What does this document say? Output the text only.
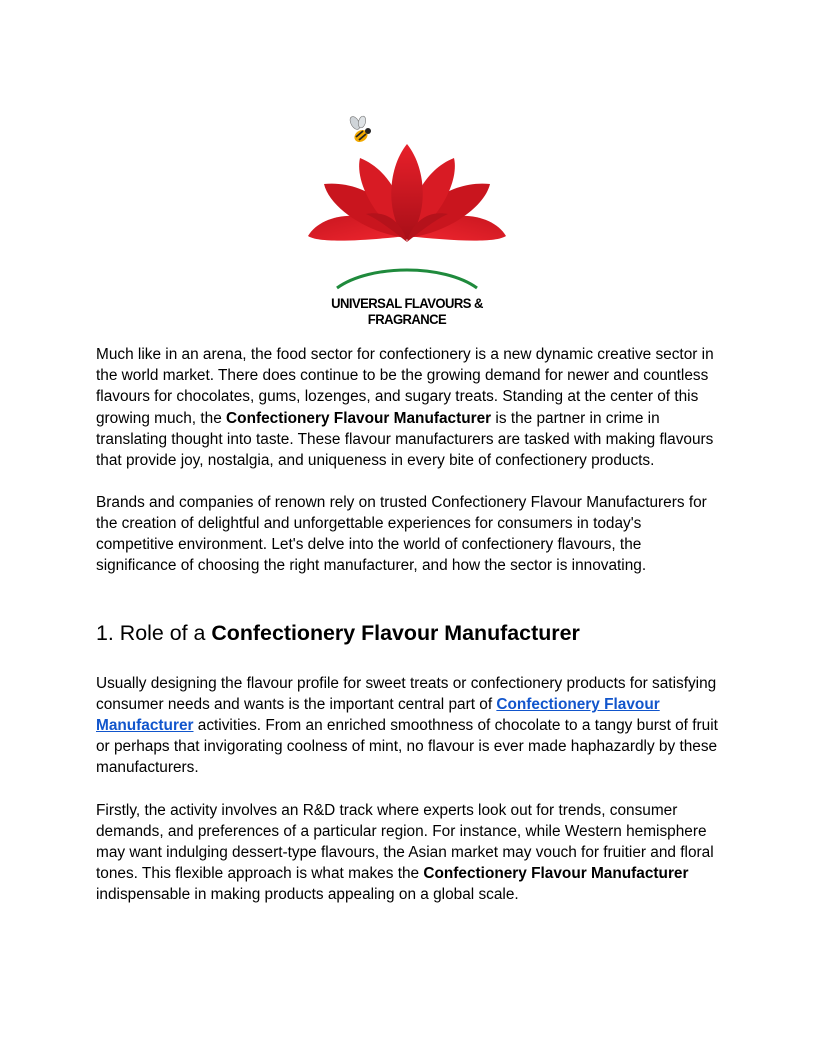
UNIVERSAL FLAVOURS & FRAGRANCE

Much like in an arena, the food sector for confectionery is a new dynamic creative sector in the world market. There does continue to be the growing demand for newer and countless flavours for chocolates, gums, lozenges, and sugary treats. Standing at the center of this growing much, the Confectionery Flavour Manufacturer is the partner in crime in translating thought into taste. These flavour manufacturers are tasked with making flavours that provide joy, nostalgia, and uniqueness in every bite of confectionery products.

Brands and companies of renown rely on trusted Confectionery Flavour Manufacturers for the creation of delightful and unforgettable experiences for consumers in today's competitive environment. Let's delve into the world of confectionery flavours, the significance of choosing the right manufacturer, and how the sector is innovating.

1. Role of a Confectionery Flavour Manufacturer

Usually designing the flavour profile for sweet treats or confectionery products for satisfying consumer needs and wants is the important central part of Confectionery Flavour Manufacturer activities. From an enriched smoothness of chocolate to a tangy burst of fruit or perhaps that invigorating coolness of mint, no flavour is ever made haphazardly by these manufacturers.

Firstly, the activity involves an R&D track where experts look out for trends, consumer demands, and preferences of a particular region. For instance, while Western hemisphere may want indulging dessert-type flavours, the Asian market may vouch for fruitier and floral tones. This flexible approach is what makes the Confectionery Flavour Manufacturer indispensable in making products appealing on a global scale.
